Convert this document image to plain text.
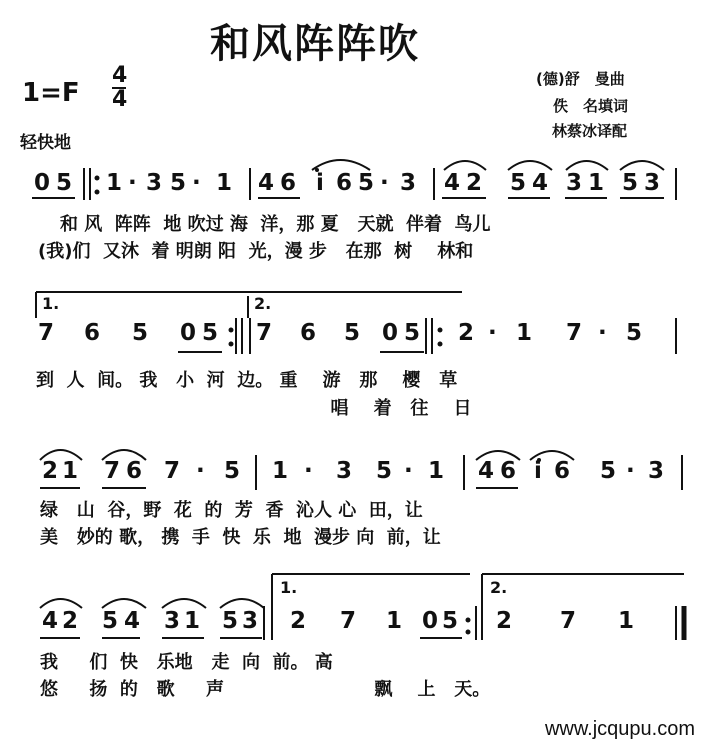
和风阵阵吹
1=F
4
4
轻快地
(德)舒　曼曲
佚　名填词
林蔡冰译配
1.	2.
1.	2.
0 5 1 · 3 5 · 1 4 6 i 6 5 · 3 4 2 5 4 3 1 5 3
和 风  阵阵  地 吹过 海  洋，那 夏   天就  伴着  鸟儿
(我)们  又沐  着 明朗 阳  光，漫 步   在那  树    林和
7 6 5 0 5 7 6 5 0 5 2 · 1 7 · 5
到  人  间。 我   小  河  边。 重    游   那    樱   草
唱    着   往    日
2 1 7 6 7 · 5 1 · 3 5 · 1 4 6 i 6 5 · 3
绿   山  谷，野  花  的  芳  香  沁人 心  田，让
美   妙的 歌， 携  手  快  乐  地  漫步 向  前，让
4 2 5 4 3 1 5 3 2 7 1 0 5 2 7 1
我     们  快   乐地   走  向  前。 高
悠     扬  的   歌     声                        飘    上   天。
www.jcqupu.com
